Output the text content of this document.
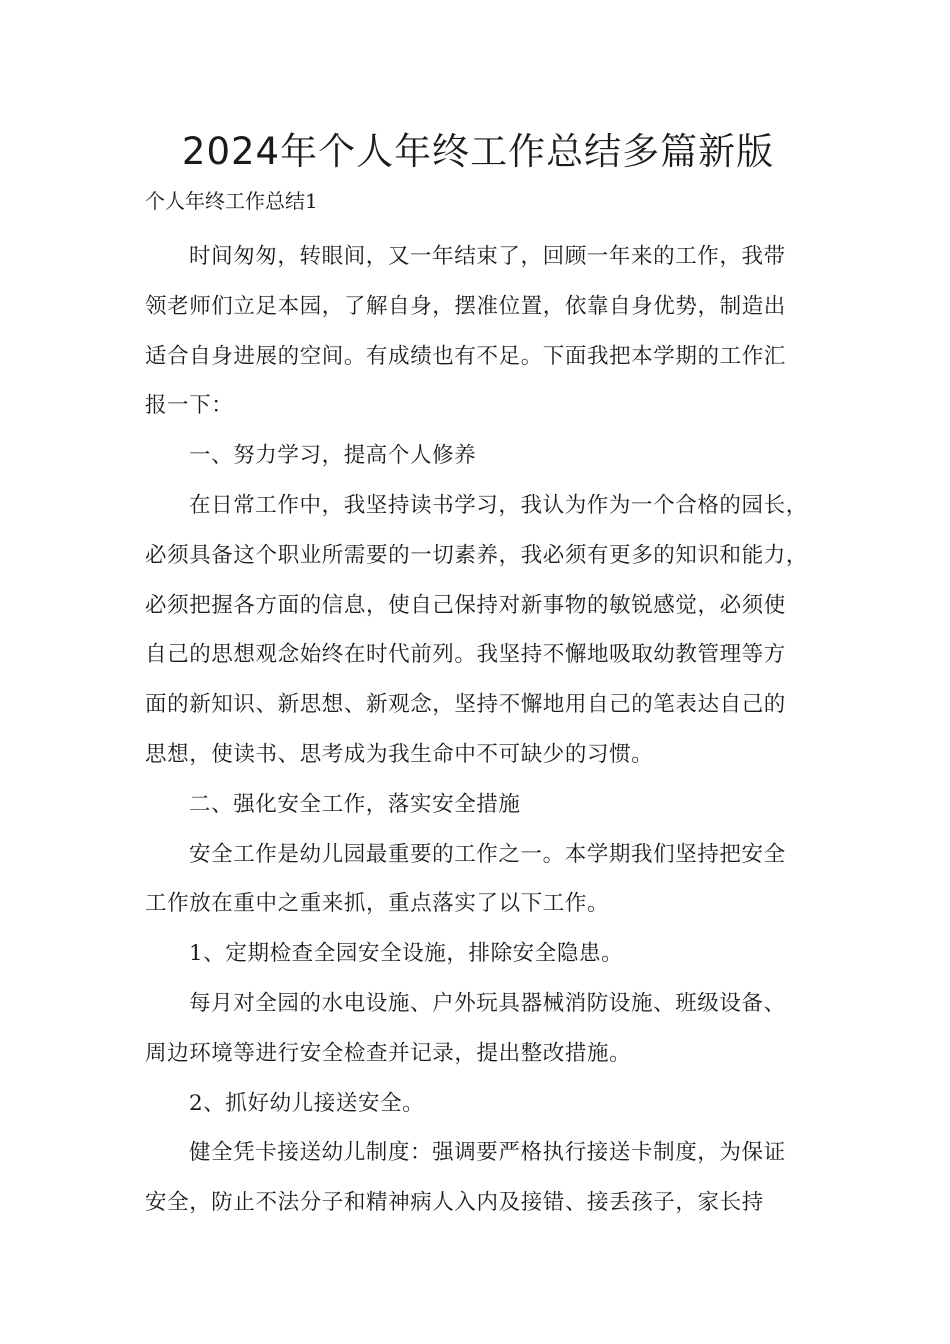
2024年个人年终工作总结多篇新版
个人年终工作总结1

时间匆匆，转眼间，又一年结束了，回顾一年来的工作，我带
领老师们立足本园，了解自身，摆准位置，依靠自身优势，制造出
适合自身进展的空间。有成绩也有不足。下面我把本学期的工作汇
报一下：

一、努力学习，提高个人修养

在日常工作中，我坚持读书学习，我认为作为一个合格的园长，
必须具备这个职业所需要的一切素养，我必须有更多的知识和能力，
必须把握各方面的信息，使自己保持对新事物的敏锐感觉，必须使
自己的思想观念始终在时代前列。我坚持不懈地吸取幼教管理等方
面的新知识、新思想、新观念，坚持不懈地用自己的笔表达自己的
思想，使读书、思考成为我生命中不可缺少的习惯。

二、强化安全工作，落实安全措施

安全工作是幼儿园最重要的工作之一。本学期我们坚持把安全
工作放在重中之重来抓，重点落实了以下工作。

1、定期检查全园安全设施，排除安全隐患。

每月对全园的水电设施、户外玩具器械消防设施、班级设备、
周边环境等进行安全检查并记录，提出整改措施。

2、抓好幼儿接送安全。

健全凭卡接送幼儿制度：强调要严格执行接送卡制度，为保证
安全，防止不法分子和精神病人入内及接错、接丢孩子，家长持
